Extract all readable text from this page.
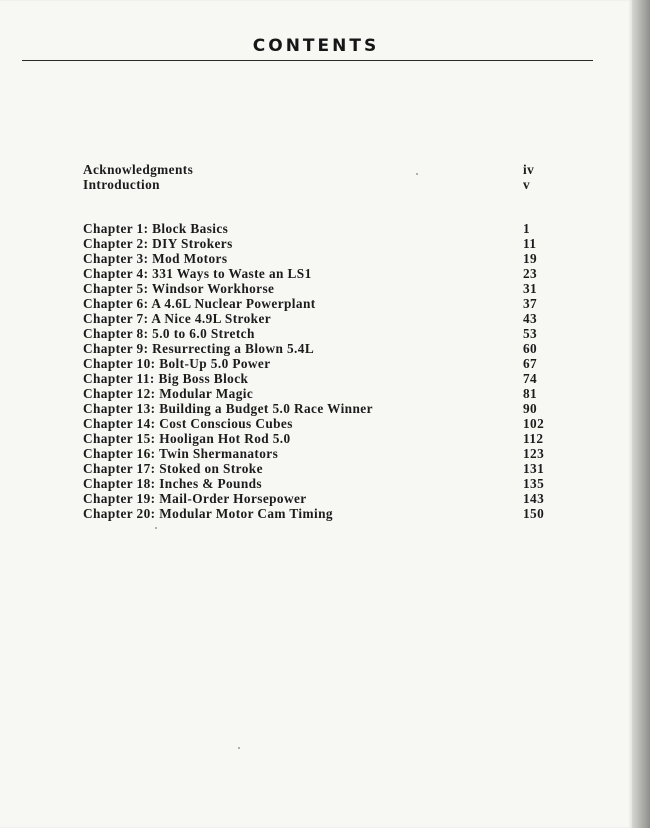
CONTENTS
Acknowledgments	iv
Introduction	v
Chapter 1: Block Basics	1
Chapter 2: DIY Strokers	11
Chapter 3: Mod Motors	19
Chapter 4: 331 Ways to Waste an LS1	23
Chapter 5: Windsor Workhorse	31
Chapter 6: A 4.6L Nuclear Powerplant	37
Chapter 7: A Nice 4.9L Stroker	43
Chapter 8: 5.0 to 6.0 Stretch	53
Chapter 9: Resurrecting a Blown 5.4L	60
Chapter 10: Bolt-Up 5.0 Power	67
Chapter 11: Big Boss Block	74
Chapter 12: Modular Magic	81
Chapter 13: Building a Budget 5.0 Race Winner	90
Chapter 14: Cost Conscious Cubes	102
Chapter 15: Hooligan Hot Rod 5.0	112
Chapter 16: Twin Shermanators	123
Chapter 17: Stoked on Stroke	131
Chapter 18: Inches & Pounds	135
Chapter 19: Mail-Order Horsepower	143
Chapter 20: Modular Motor Cam Timing	150
